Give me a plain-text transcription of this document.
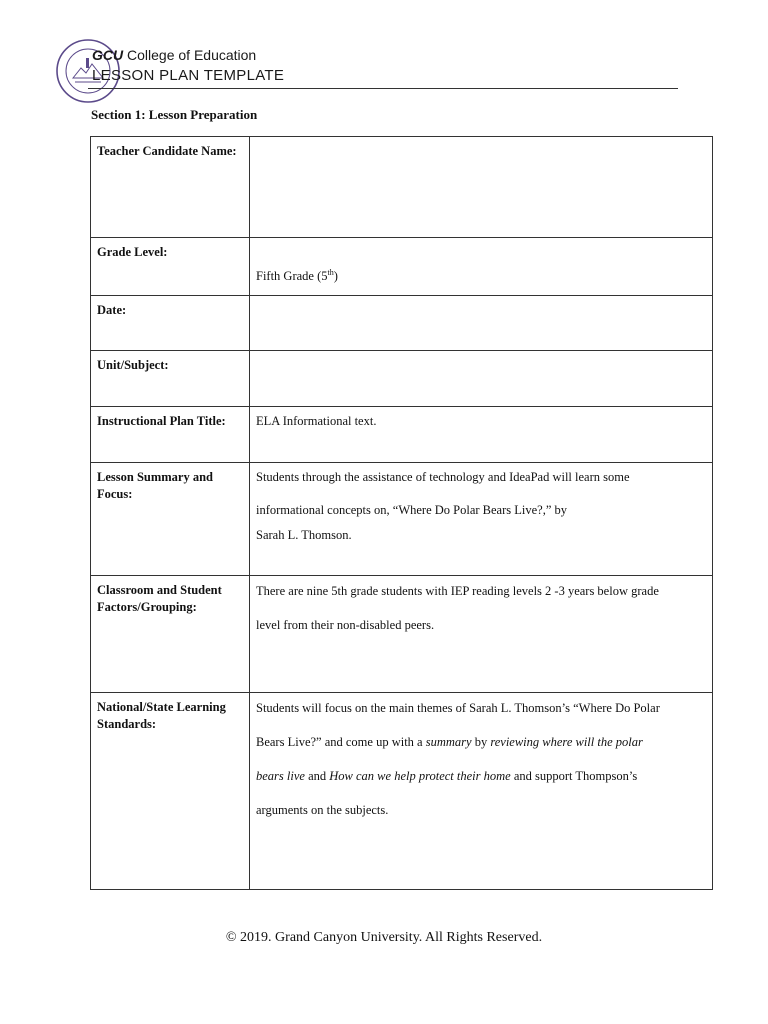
GCU College of Education
LESSON PLAN TEMPLATE
Section 1: Lesson Preparation
Teacher Candidate Name:	
Grade Level:	Fifth Grade (5th)

Date:	
Unit/Subject:	
Instructional Plan Title:	ELA Informational text.
Lesson Summary and Focus:	Students through the assistance of technology and IdeaPad will learn some

informational concepts on, “Where Do Polar Bears Live?,” by

Sarah L. Thomson.

Classroom and Student Factors/Grouping:	There are nine 5th grade students with IEP reading levels 2 -3 years below grade

level from their non-disabled peers.

National/State Learning Standards:	Students will focus on the main themes of Sarah L. Thomson’s “Where Do Polar

Bears Live?” and come up with a summary by reviewing where will the polar

bears live and How can we help protect their home and support Thompson’s

arguments on the subjects.

© 2019. Grand Canyon University. All Rights Reserved.
